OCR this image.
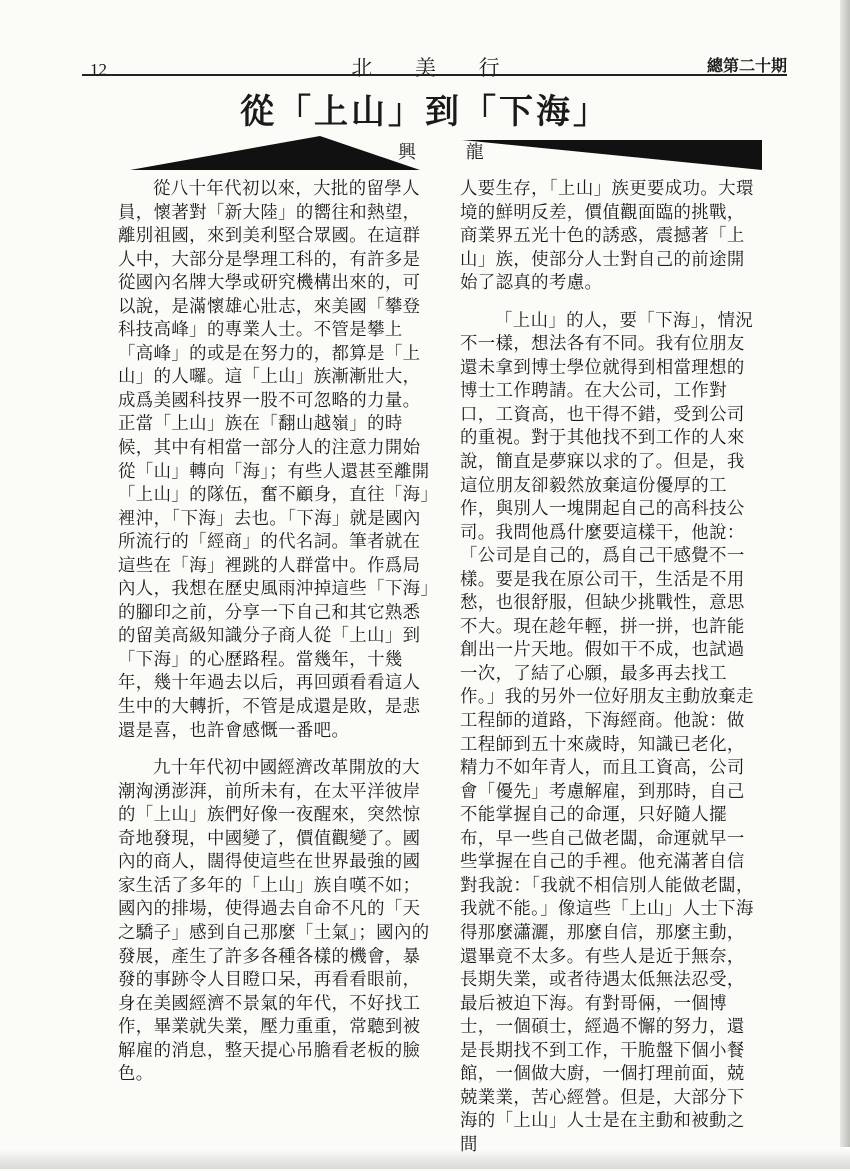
12	北 美 行	總第二十期
從「上山」到「下海」
興 龍

從八十年代初以來，大批的留學人員，懷著對「新大陸」的嚮往和熱望，離別祖國，來到美利堅合眾國。在這群人中，大部分是學理工科的，有許多是從國內名牌大學或研究機構出來的，可以說，是滿懷雄心壯志，來美國「攀登科技高峰」的專業人士。不管是攀上「高峰」的或是在努力的，都算是「上山」的人囉。這「上山」族漸漸壯大，成爲美國科技界一股不可忽略的力量。正當「上山」族在「翻山越嶺」的時候，其中有相當一部分人的注意力開始從「山」轉向「海」；有些人還甚至離開「上山」的隊伍，奮不顧身，直往「海」裡沖，「下海」去也。「下海」就是國內所流行的「經商」的代名詞。筆者就在這些在「海」裡跳的人群當中。作爲局內人，我想在歷史風雨沖掉這些「下海」的腳印之前，分享一下自己和其它熟悉的留美高級知識分子商人從「上山」到「下海」的心歷路程。當幾年，十幾年，幾十年過去以后，再回頭看看這人生中的大轉折，不管是成還是敗，是悲還是喜，也許會感慨一番吧。

九十年代初中國經濟改革開放的大潮洶湧澎湃，前所未有，在太平洋彼岸的「上山」族們好像一夜醒來，突然惊奇地發現，中國變了，價值觀變了。國內的商人，闊得使這些在世界最強的國家生活了多年的「上山」族自嘆不如；國內的排場，使得過去自命不凡的「天之驕子」感到自己那麼「土氣」；國內的發展，產生了許多各種各樣的機會，暴發的事跡令人目瞪口呆，再看看眼前，身在美國經濟不景氣的年代，不好找工作，畢業就失業，壓力重重，常聽到被解雇的消息，整天提心吊膽看老板的臉色。

人要生存，「上山」族更要成功。大環境的鮮明反差，價值觀面臨的挑戰，商業界五光十色的誘惑，震撼著「上山」族，使部分人士對自己的前途開始了認真的考慮。

「上山」的人，要「下海」，情況不一樣，想法各有不同。我有位朋友還未拿到博士學位就得到相當理想的博士工作聘請。在大公司，工作對口，工資高，也干得不錯，受到公司的重視。對于其他找不到工作的人來說，簡直是夢寐以求的了。但是，我這位朋友卻毅然放棄這份優厚的工作，與別人一塊開起自己的高科技公司。我問他爲什麼要這樣干，他說：「公司是自己的，爲自己干感覺不一樣。要是我在原公司干，生活是不用愁，也很舒服，但缺少挑戰性，意思不大。現在趁年輕，拼一拼，也許能創出一片天地。假如干不成，也試過一次，了結了心願，最多再去找工作。」我的另外一位好朋友主動放棄走工程師的道路，下海經商。他說：做工程師到五十來歲時，知識已老化，精力不如年青人，而且工資高，公司會「優先」考慮解雇，到那時，自己不能掌握自己的命運，只好隨人擺布，早一些自己做老闆，命運就早一些掌握在自己的手裡。他充滿著自信對我說：「我就不相信別人能做老闆，我就不能。」像這些「上山」人士下海得那麼瀟灑，那麼自信，那麼主動，還畢竟不太多。有些人是近于無奈，長期失業，或者待遇太低無法忍受，最后被迫下海。有對哥倆，一個博士，一個碩士，經過不懈的努力，還是長期找不到工作，干脆盤下個小餐館，一個做大廚，一個打理前面，兢兢業業，苦心經營。但是，大部分下海的「上山」人士是在主動和被動之間
